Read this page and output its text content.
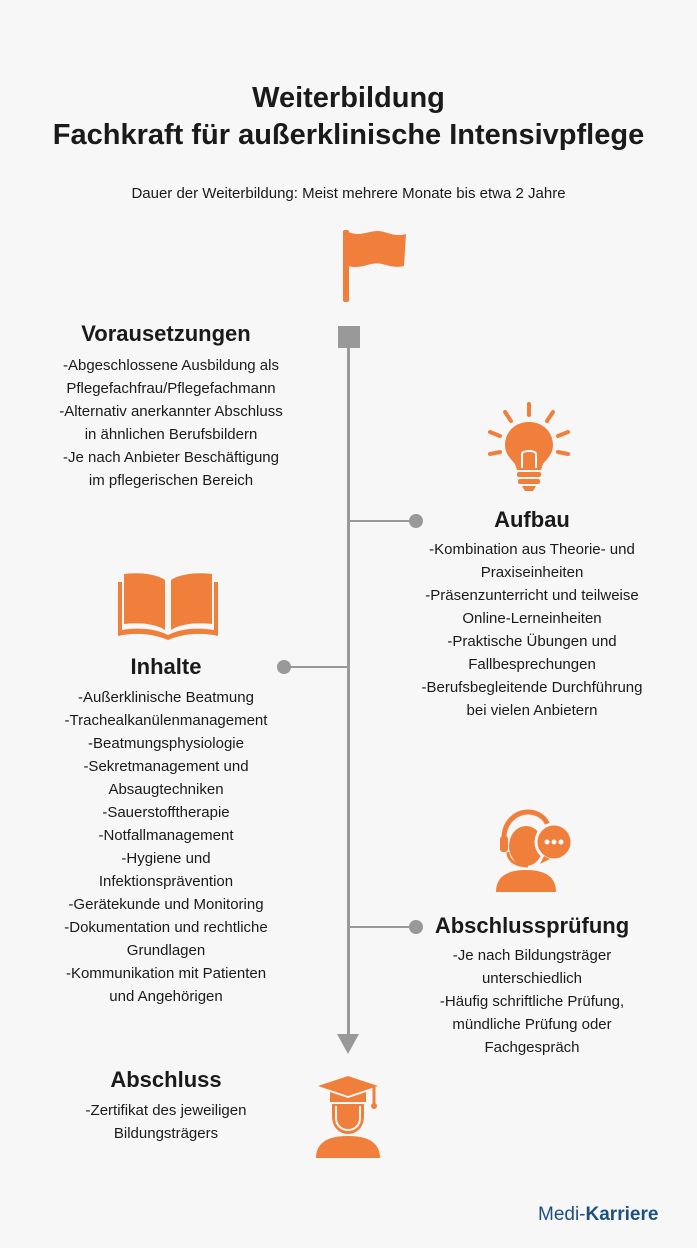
Weiterbildung
Fachkraft für außerklinische Intensivpflege
Dauer der Weiterbildung: Meist mehrere Monate bis etwa 2 Jahre
Vorausetzungen
-Abgeschlossene Ausbildung als
Pflegefachfrau/Pflegefachmann
-Alternativ anerkannter Abschluss
in ähnlichen Berufsbildern
-Je nach Anbieter Beschäftigung
im pflegerischen Bereich
Aufbau
-Kombination aus Theorie- und
Praxiseinheiten
-Präsenzunterricht und teilweise
Online-Lerneinheiten
-Praktische Übungen und
Fallbesprechungen
-Berufsbegleitende Durchführung
bei vielen Anbietern
Inhalte
-Außerklinische Beatmung
-Trachealkanülenmanagement
-Beatmungsphysiologie
-Sekretmanagement und
Absaugtechniken
-Sauerstofftherapie
-Notfallmanagement
-Hygiene und
Infektionsprävention
-Gerätekunde und Monitoring
-Dokumentation und rechtliche
Grundlagen
-Kommunikation mit Patienten
und Angehörigen
Abschlussprüfung
-Je nach Bildungsträger
unterschiedlich
-Häufig schriftliche Prüfung,
mündliche Prüfung oder
Fachgespräch
Abschluss
-Zertifikat des jeweiligen
Bildungsträgers
Medi-Karriere
